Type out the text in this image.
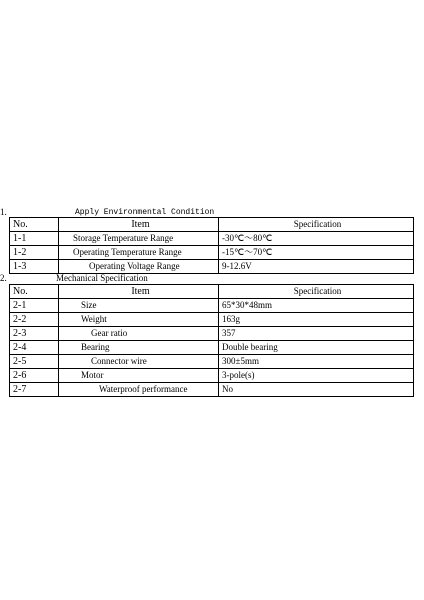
1.	Apply Environmental Condition
No.	Item	Specification
1-1	Storage Temperature Range	-30℃～80℃
1-2	Operating Temperature Range	-15℃～70℃
1-3	Operating Voltage Range	9-12.6V
2.	Mechanical Specification
No.	Item	Specification
2-1	Size	65*30*48mm
2-2	Weight	163g
2-3	Gear ratio	357
2-4	Bearing	Double bearing
2-5	Connector wire	300±5mm
2-6	Motor	3-pole(s)
2-7	Waterproof performance	No
